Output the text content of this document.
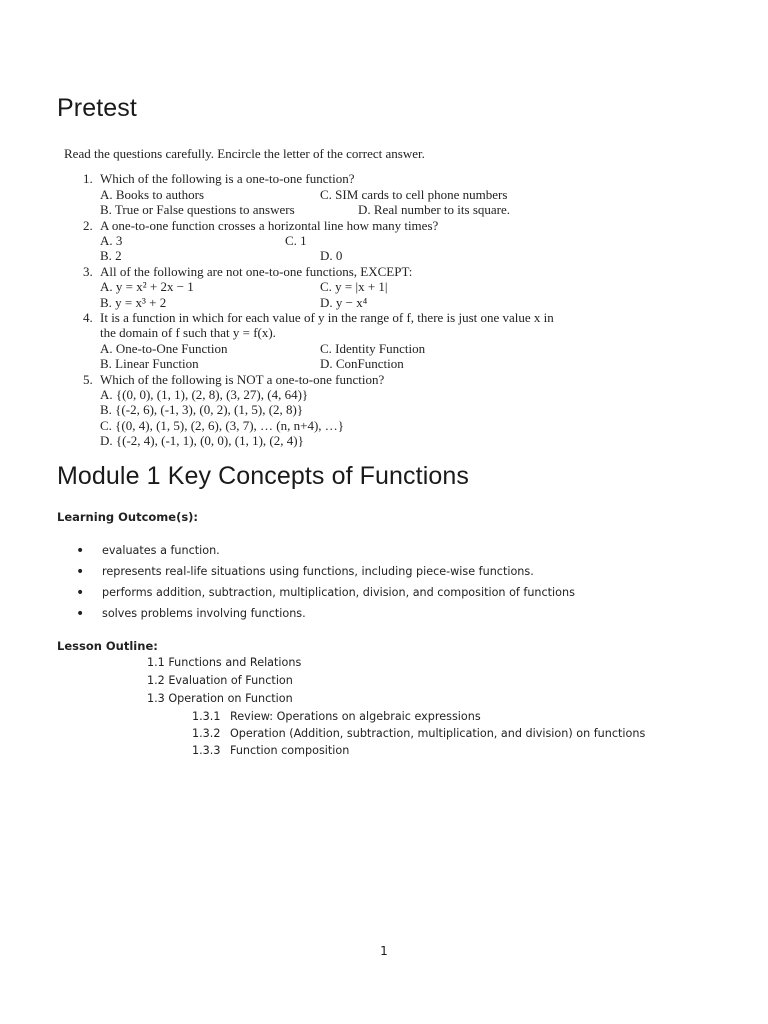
Pretest
Read the questions carefully. Encircle the letter of the correct answer.
1. Which of the following is a one-to-one function?
A. Books to authors	C. SIM cards to cell phone numbers
B. True or False questions to answers	D. Real number to its square.
2. A one-to-one function crosses a horizontal line how many times?
A. 3	C. 1
B. 2	D. 0
3. All of the following are not one-to-one functions, EXCEPT:
A. y = x² + 2x − 1	C. y = |x + 1|
B. y = x³ + 2	D. y − x⁴
4. It is a function in which for each value of y in the range of f, there is just one value x in
the domain of f such that y = f(x).
A. One-to-One Function	C. Identity Function
B. Linear Function	D. ConFunction
5. Which of the following is NOT a one-to-one function?
A. {(0, 0), (1, 1), (2, 8), (3, 27), (4, 64)}
B. {(-2, 6), (-1, 3), (0, 2), (1, 5), (2, 8)}
C. {(0, 4), (1, 5), (2, 6), (3, 7), … (n, n+4), …}
D. {(-2, 4), (-1, 1), (0, 0), (1, 1), (2, 4)}
Module 1 Key Concepts of Functions
Learning Outcome(s):
• evaluates a function.
• represents real-life situations using functions, including piece-wise functions.
• performs addition, subtraction, multiplication, division, and composition of functions
• solves problems involving functions.
Lesson Outline:
1.1 Functions and Relations
1.2 Evaluation of Function
1.3 Operation on Function
1.3.1 Review: Operations on algebraic expressions
1.3.2 Operation (Addition, subtraction, multiplication, and division) on functions
1.3.3 Function composition
1
